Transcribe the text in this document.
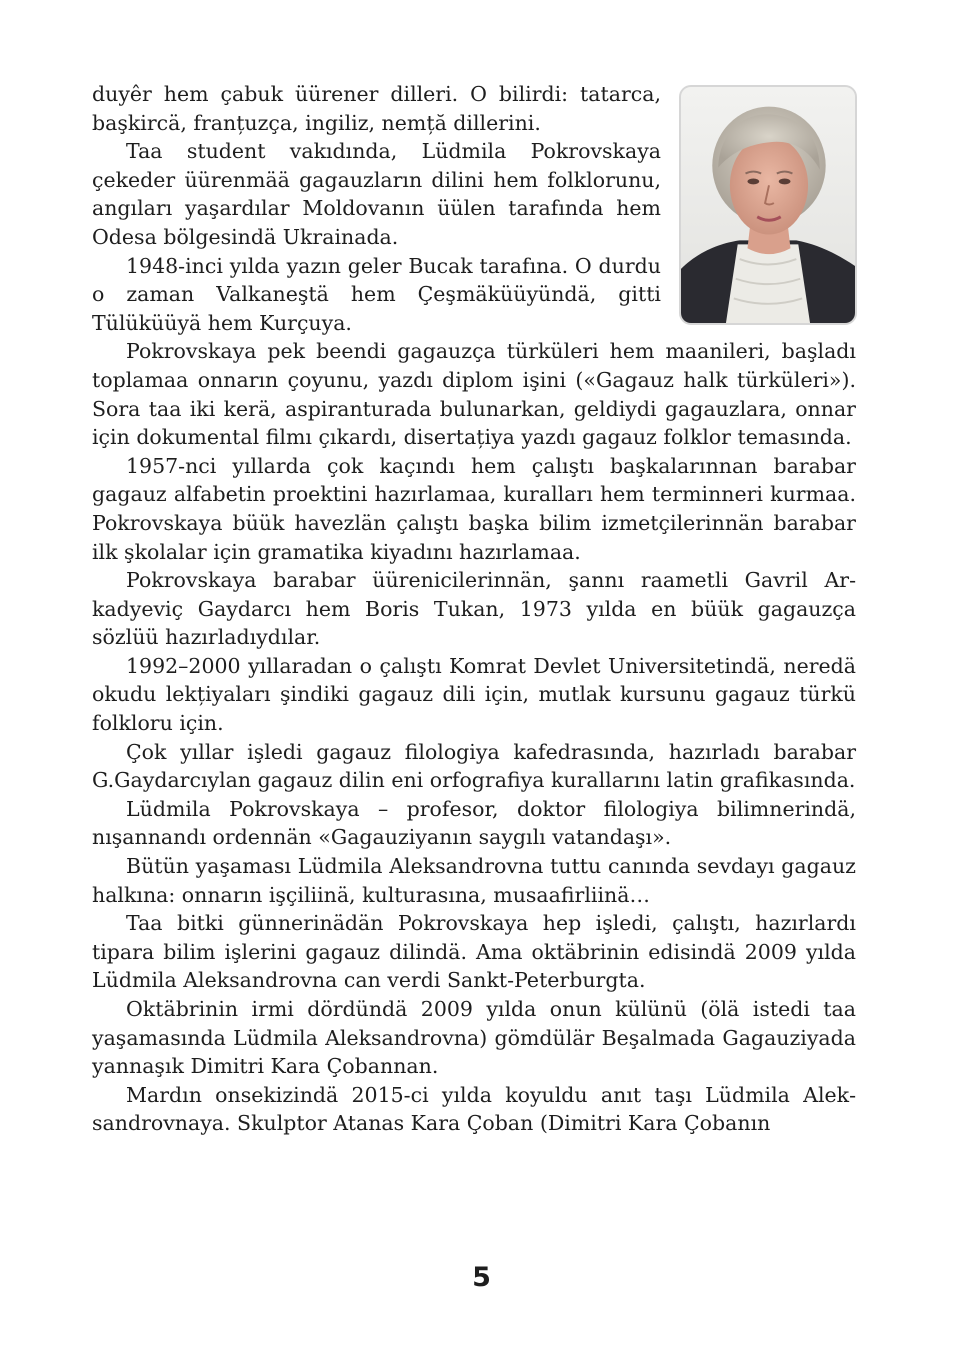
duyêr hem çabuk üürener dilleri. O bilirdi: tatarca, başkircä, franțuzça, ingiliz, nemță dillerini.

Taa student vakıdında, Lüdmila Pokrovskaya çekeder üürenmää gagauzların dilini hem folklorunu, angıları yaşardılar Moldovanın üülen tarafında hem Odesa bölgesindä Ukrainada.

1948-inci yılda yazın geler Bucak tarafına. O durdu o zaman Valkaneştä hem Çeşmäküüyündä, gitti Tülüküüyä hem Kurçuya.

Pokrovskaya pek beendi gagauzça türküleri hem maanileri, başladı toplamaa onnarın çoyunu, yazdı diplom işini («Gagauz halk türküleri»). Sora taa iki kerä, aspiranturada bulunarkan, geldiydi gagauzlara, onnar için dokumental filmı çıkardı, disertațiya yazdı gagauz folklor temasında.

1957-nci yıllarda çok kaçındı hem çalıştı başkalarınnan barabar gagauz alfabetin proektini hazırlamaa, kuralları hem terminneri kurmaa. Pokrovskaya büük havezlän çalıştı başka bilim izmetçilerinnän barabar ilk şkolalar için gramatika kiyadını hazırlamaa.

Pokrovskaya barabar üürenicilerinnän, şannı raametli Gavril Arkadyeviç Gaydarcı hem Boris Tukan, 1973 yılda en büük gagauzça sözlüü hazırladıydılar.

1992–2000 yıllaradan o çalıştı Komrat Devlet Universitetindä, neredä okudu lekțiyaları şindiki gagauz dili için, mutlak kursunu gagauz türkü folkloru için.

Çok yıllar işledi gagauz filologiya kafedrasında, hazırladı barabar G.Gaydarcıylan gagauz dilin eni orfografiya kurallarını latin grafikasında.

Lüdmila Pokrovskaya – profesor, doktor filologiya bilimnerindä, nışannandı ordennän «Gagauziyanın saygılı vatandaşı».

Bütün yaşaması Lüdmila Aleksandrovna tuttu canında sevdayı gagauz halkına: onnarın işçiliinä, kulturasına, musaafirliinä…

Taa bitki günnerinädän Pokrovskaya hep işledi, çalıştı, hazırlardı tipara bilim işlerini gagauz dilindä. Ama oktäbrinin edisindä 2009 yılda Lüdmila Aleksandrovna can verdi Sankt-Peterburgta.

Oktäbrinin irmi dördündä 2009 yılda onun külünü (ölä istedi taa yaşamasında Lüdmila Aleksandrovna) gömdülär Beşalmada Gagauziyada yannaşık Dimitri Kara Çobannan.

Mardın onsekizindä 2015-ci yılda koyuldu anıt taşı Lüdmila Aleksandrovnaya. Skulptor Atanas Kara Çoban (Dimitri Kara Çobanın

5
